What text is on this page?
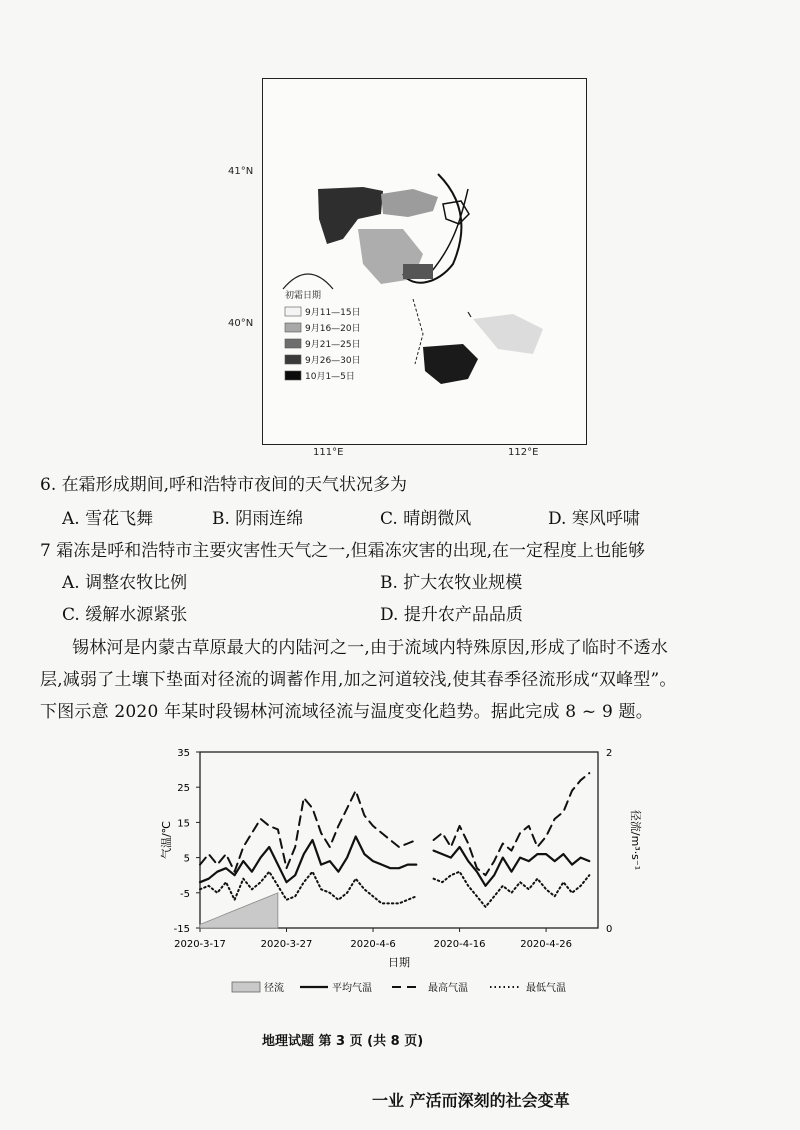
初霜日期
9月11—15日
9月16—20日
9月21—25日
9月26—30日
10月1—5日
41°N
40°N
111°E	112°E
6. 在霜形成期间,呼和浩特市夜间的天气状况多为
A. 雪花飞舞	B. 阴雨连绵	C. 晴朗微风	D. 寒风呼啸
7 霜冻是呼和浩特市主要灾害性天气之一,但霜冻灾害的出现,在一定程度上也能够
A. 调整农牧比例	B. 扩大农牧业规模
C. 缓解水源紧张	D. 提升农产品品质
锡林河是内蒙古草原最大的内陆河之一,由于流域内特殊原因,形成了临时不透水
层,减弱了土壤下垫面对径流的调蓄作用,加之河道较浅,使其春季径流形成“双峰型”。
下图示意 2020 年某时段锡林河流域径流与温度变化趋势。据此完成 8 ~ 9 题。
35
25
15
5
-5
-15
2
0
2020-3-17	2020-3-27	2020-4-6	2020-4-16	2020-4-26
气温/℃	径流/m³·s⁻¹
日期
径流	平均气温	最高气温	最低气温
地理试题 第 3 页 (共 8 页)
一业 产活而深刻的社会变革
